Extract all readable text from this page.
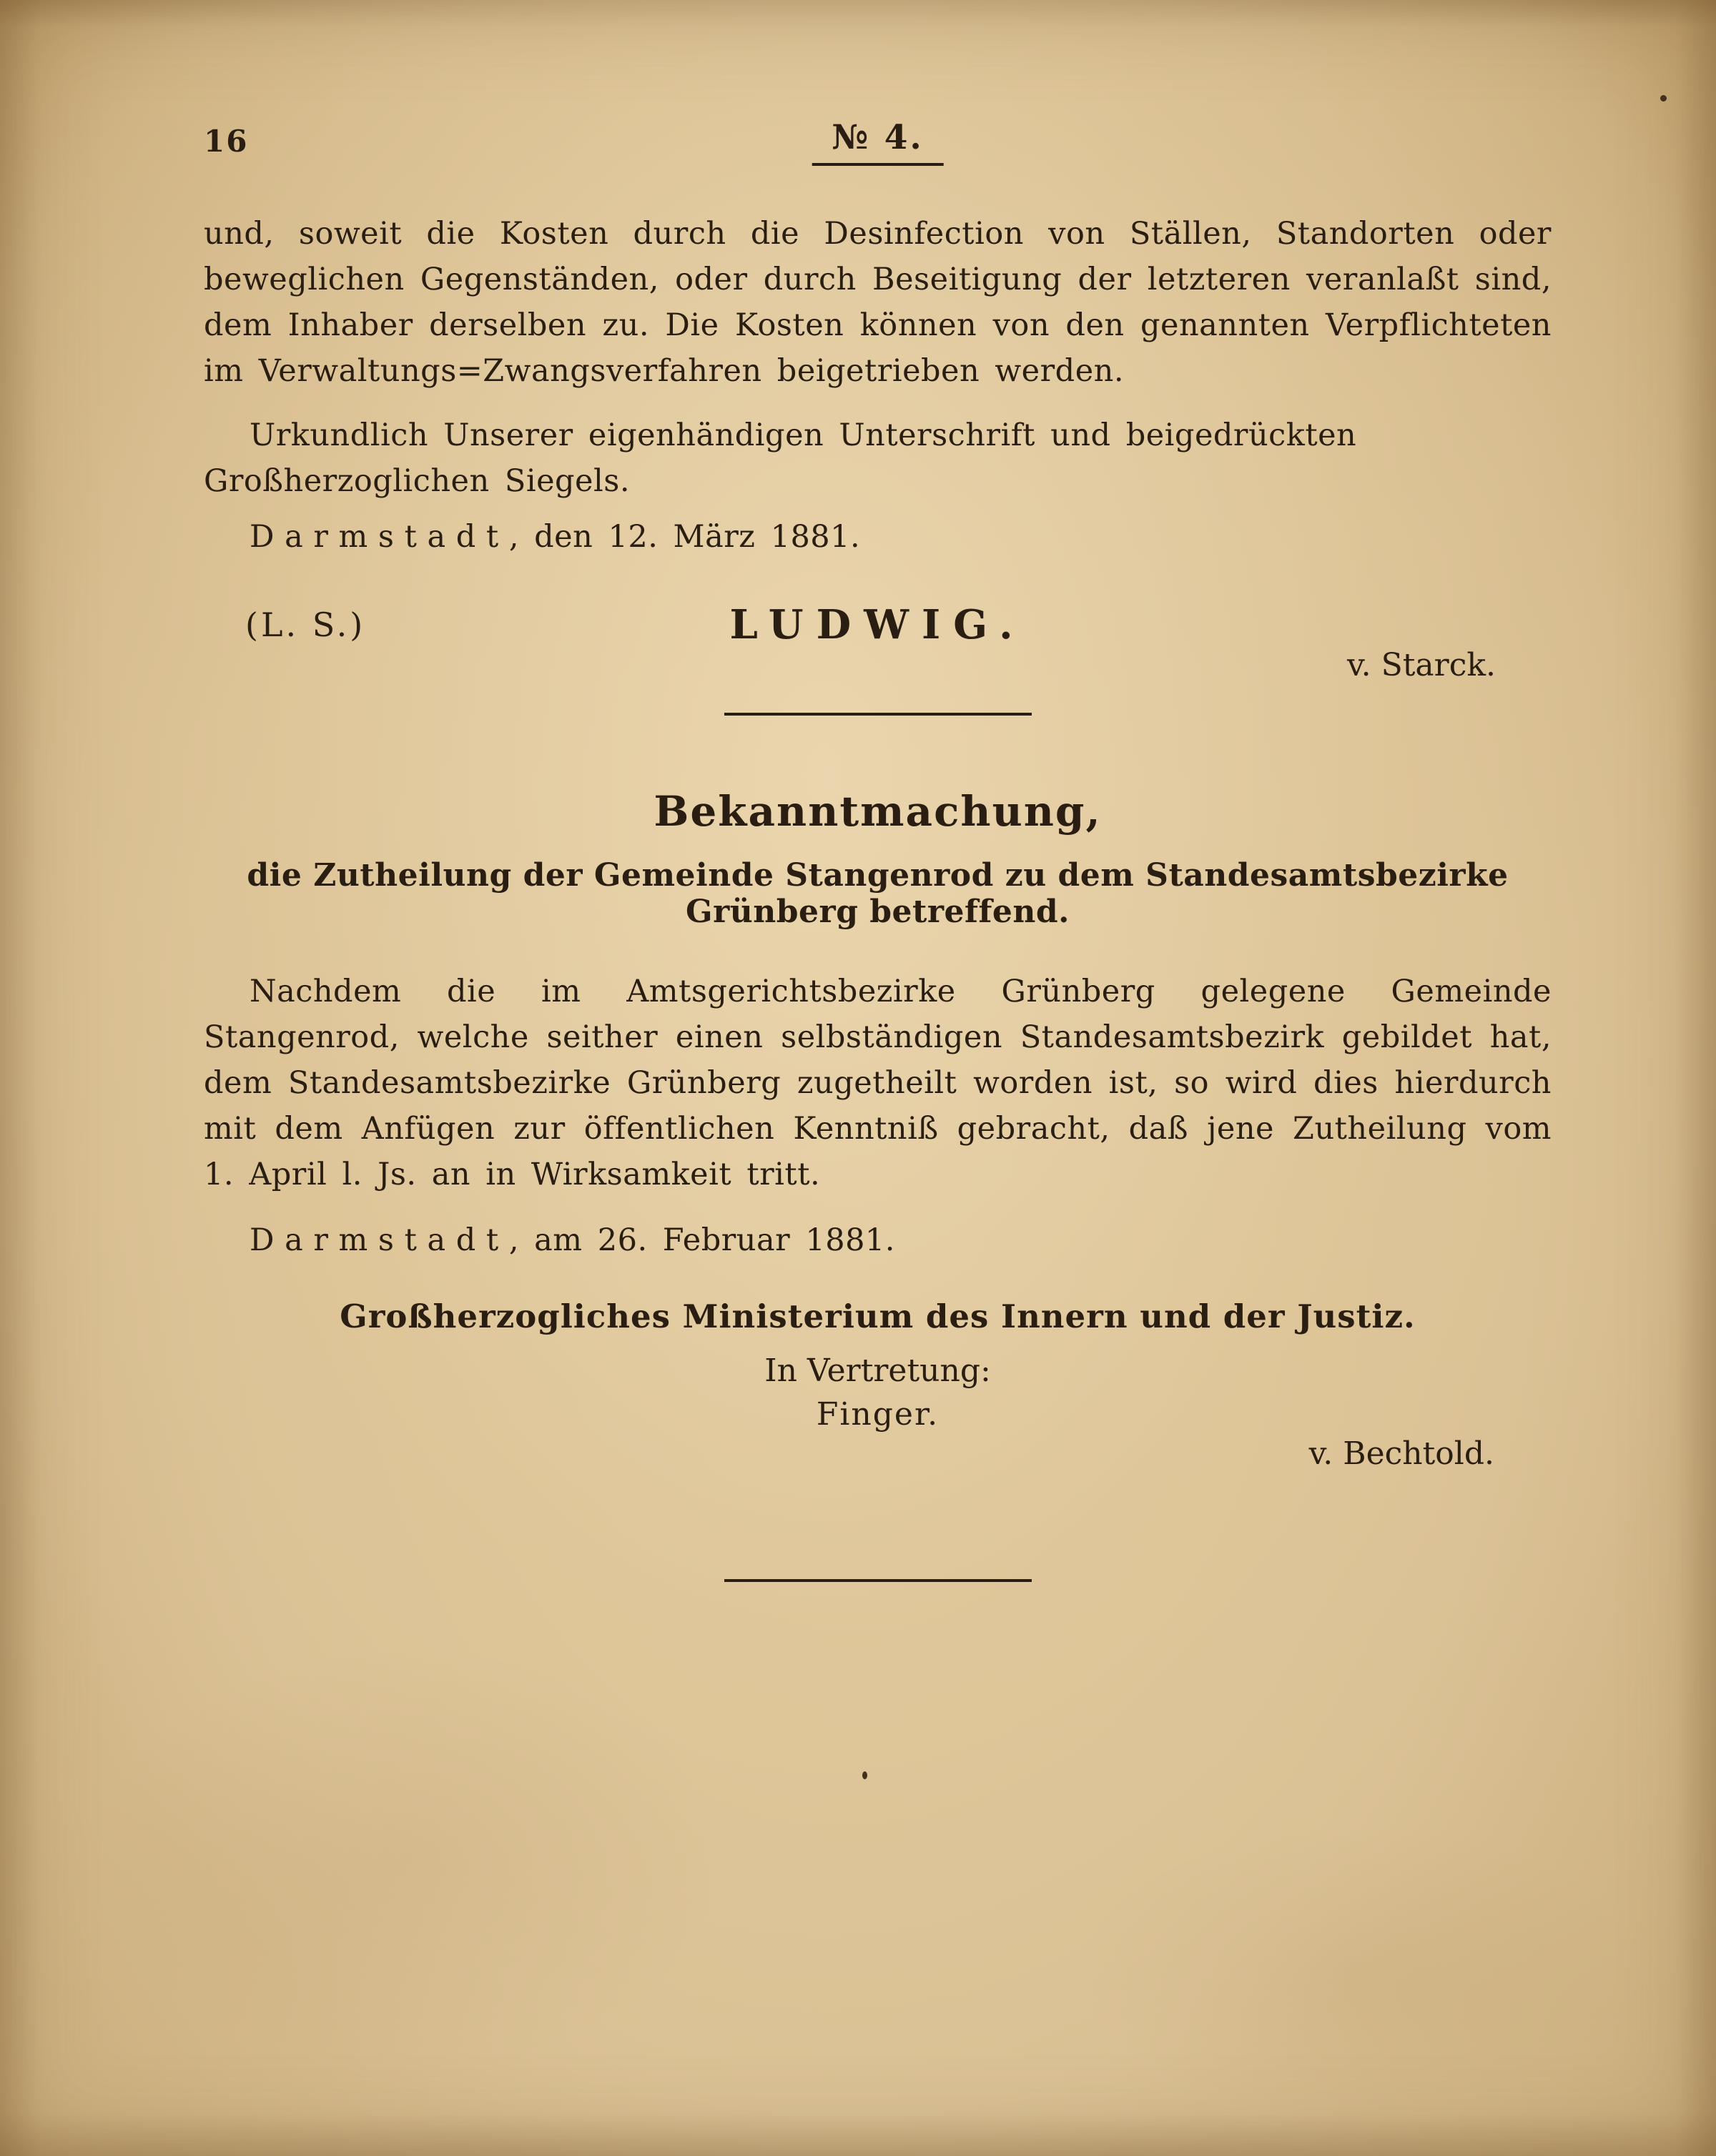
16	№ 4.

und, soweit die Kosten durch die Desinfection von Ställen, Standorten oder beweglichen Gegenständen, oder durch Beseitigung der letzteren veranlaßt sind, dem Inhaber derselben zu. Die Kosten können von den genannten Verpflichteten im Verwaltungs=Zwangsverfahren beigetrieben werden.

Urkundlich Unserer eigenhändigen Unterschrift und beigedrückten Großherzoglichen Siegels.

Darmstadt, den 12. März 1881.

(L. S.)	LUDWIG.
v. Starck.
Bekanntmachung,
die Zutheilung der Gemeinde Stangenrod zu dem Standesamtsbezirke Grünberg betreffend.

Nachdem die im Amtsgerichtsbezirke Grünberg gelegene Gemeinde Stangenrod, welche seither einen selbständigen Standesamtsbezirk gebildet hat, dem Standesamtsbezirke Grünberg zugetheilt worden ist, so wird dies hierdurch mit dem Anfügen zur öffentlichen Kenntniß gebracht, daß jene Zutheilung vom 1. April l. Js. an in Wirksamkeit tritt.

Darmstadt, am 26. Februar 1881.

Großherzogliches Ministerium des Innern und der Justiz.

In Vertretung:

Finger.

v. Bechtold.
